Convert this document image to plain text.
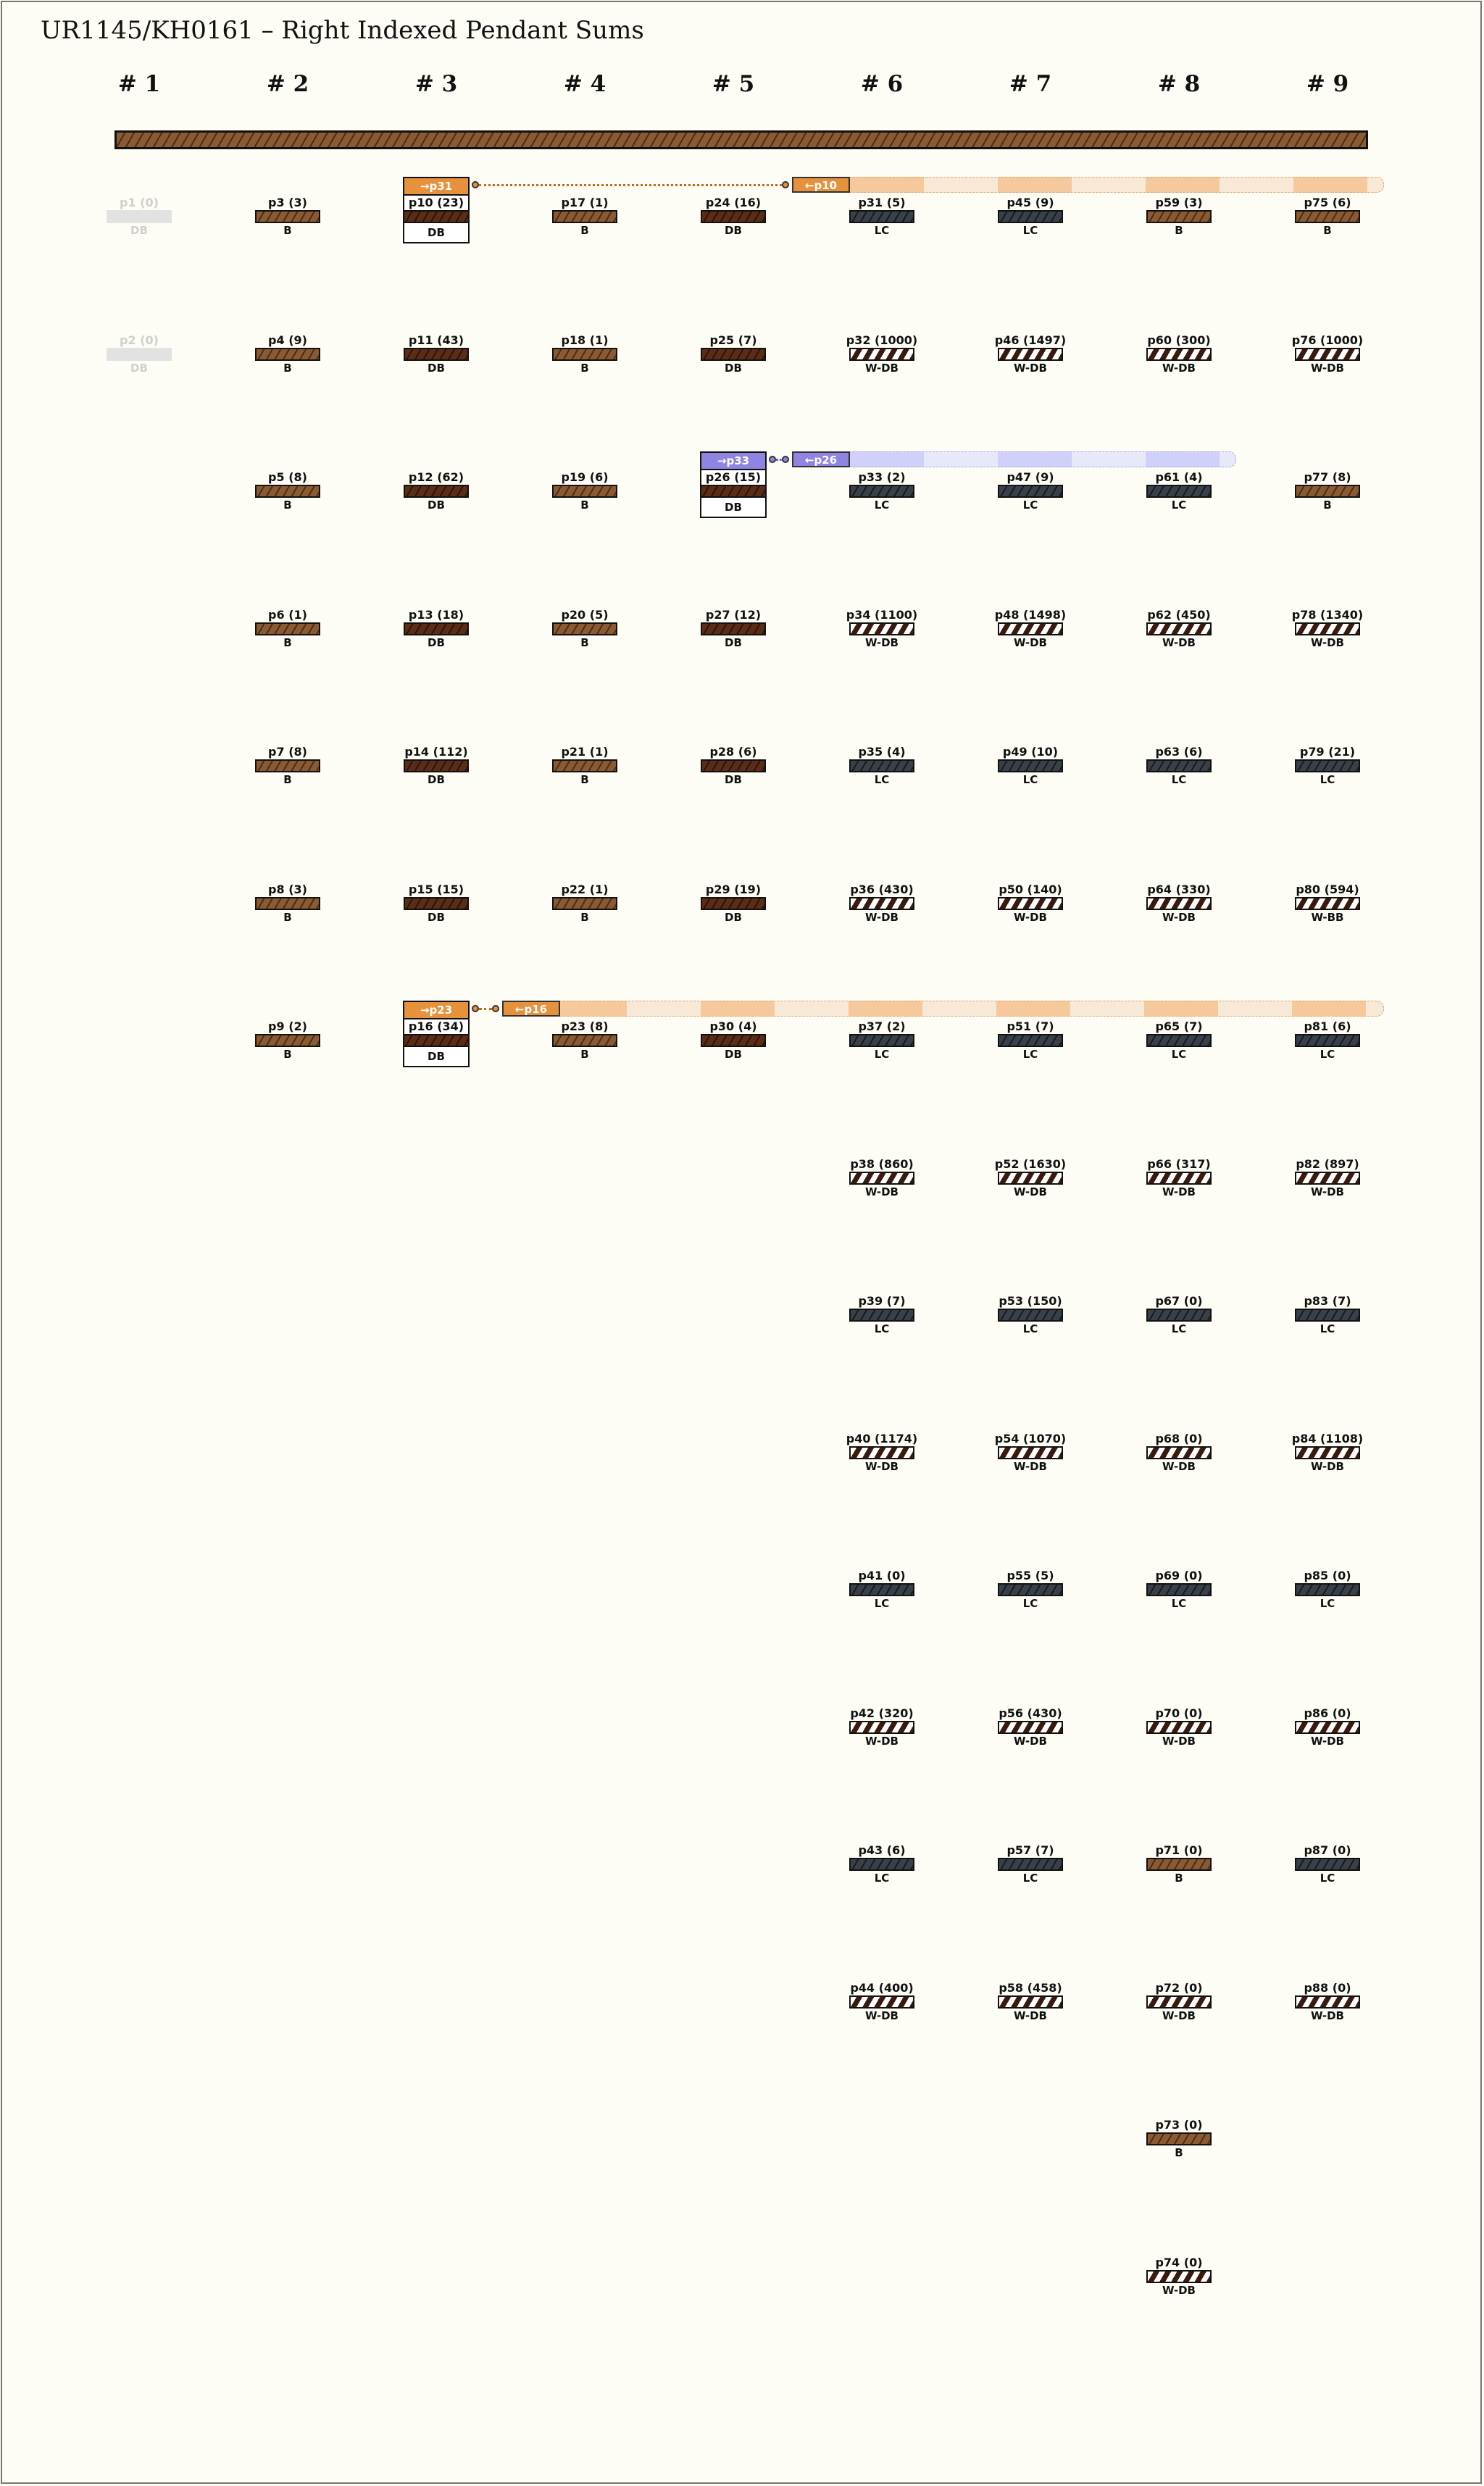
UR1145/KH0161 – Right Indexed Pendant Sums
# 1	# 2	# 3	# 4	# 5	# 6	# 7	# 8	# 9
p1 (0)
DB
p2 (0)
DB
p3 (3)
B
p4 (9)
B
p5 (8)
B
p6 (1)
B
p7 (8)
B
p8 (3)
B
p9 (2)
B
→p31
p10 (23)
DB
p11 (43)
DB
p12 (62)
DB
p13 (18)
DB
p14 (112)
DB
p15 (15)
DB
→p23
p16 (34)
DB
p17 (1)
B
p18 (1)
B
p19 (6)
B
p20 (5)
B
p21 (1)
B
p22 (1)
B
p23 (8)
B
p24 (16)
DB
p25 (7)
DB
→p33
p26 (15)
DB
p27 (12)
DB
p28 (6)
DB
p29 (19)
DB
p30 (4)
DB
p31 (5)
LC
p32 (1000)
W-DB
p33 (2)
LC
p34 (1100)
W-DB
p35 (4)
LC
p36 (430)
W-DB
p37 (2)
LC
p38 (860)
W-DB
p39 (7)
LC
p40 (1174)
W-DB
p41 (0)
LC
p42 (320)
W-DB
p43 (6)
LC
p44 (400)
W-DB
p45 (9)
LC
p46 (1497)
W-DB
p47 (9)
LC
p48 (1498)
W-DB
p49 (10)
LC
p50 (140)
W-DB
p51 (7)
LC
p52 (1630)
W-DB
p53 (150)
LC
p54 (1070)
W-DB
p55 (5)
LC
p56 (430)
W-DB
p57 (7)
LC
p58 (458)
W-DB
p59 (3)
B
p60 (300)
W-DB
p61 (4)
LC
p62 (450)
W-DB
p63 (6)
LC
p64 (330)
W-DB
p65 (7)
LC
p66 (317)
W-DB
p67 (0)
LC
p68 (0)
W-DB
p69 (0)
LC
p70 (0)
W-DB
p71 (0)
B
p72 (0)
W-DB
p73 (0)
B
p74 (0)
W-DB
p75 (6)
B
p76 (1000)
W-DB
p77 (8)
B
p78 (1340)
W-DB
p79 (21)
LC
p80 (594)
W-BB
p81 (6)
LC
p82 (897)
W-DB
p83 (7)
LC
p84 (1108)
W-DB
p85 (0)
LC
p86 (0)
W-DB
p87 (0)
LC
p88 (0)
W-DB
←p10
←p26
←p16
